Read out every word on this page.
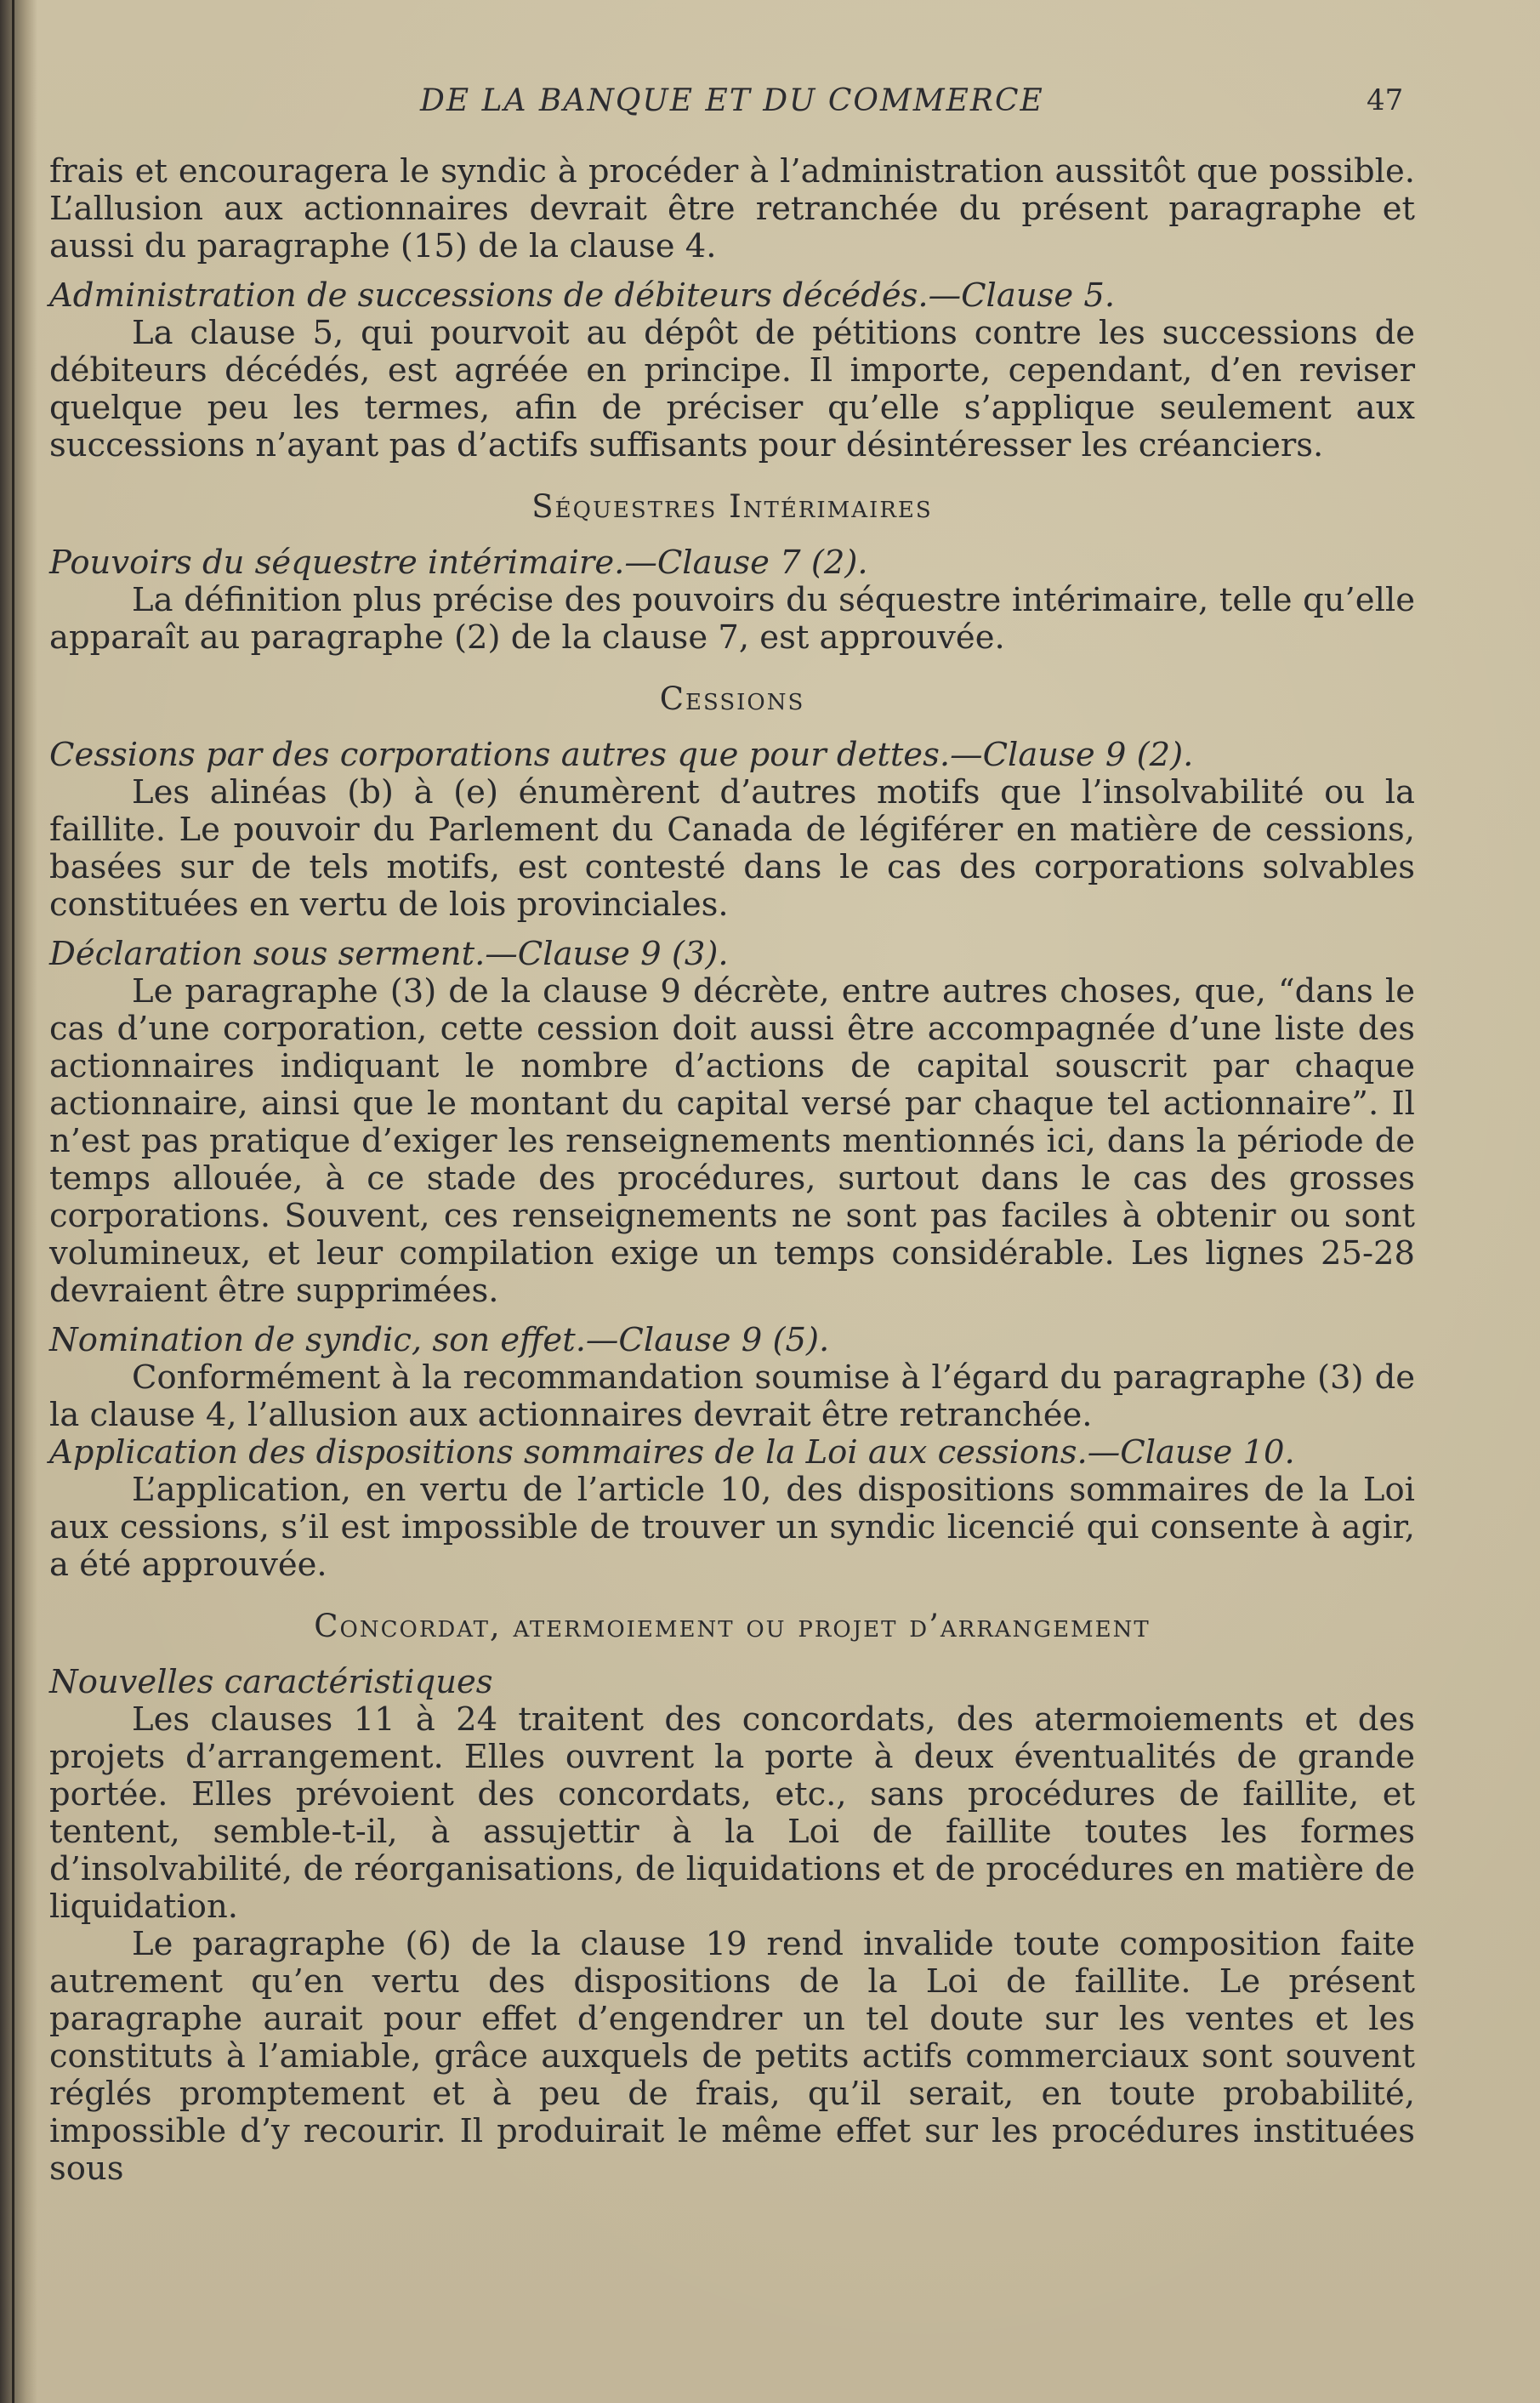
DE LA BANQUE ET DU COMMERCE	47

frais et encouragera le syndic à procéder à l’administration aussitôt que possible. L’allusion aux actionnaires devrait être retranchée du présent paragraphe et aussi du paragraphe (15) de la clause 4.

Administration de successions de débiteurs décédés.—Clause 5.

La clause 5, qui pourvoit au dépôt de pétitions contre les successions de débiteurs décédés, est agréée en principe. Il importe, cependant, d’en reviser quelque peu les termes, afin de préciser qu’elle s’applique seulement aux successions n’ayant pas d’actifs suffisants pour désintéresser les créanciers.

Séquestres Intérimaires

Pouvoirs du séquestre intérimaire.—Clause 7 (2).

La définition plus précise des pouvoirs du séquestre intérimaire, telle qu’elle apparaît au paragraphe (2) de la clause 7, est approuvée.

Cessions

Cessions par des corporations autres que pour dettes.—Clause 9 (2).

Les alinéas (b) à (e) énumèrent d’autres motifs que l’insolvabilité ou la faillite. Le pouvoir du Parlement du Canada de légiférer en matière de cessions, basées sur de tels motifs, est contesté dans le cas des corporations solvables constituées en vertu de lois provinciales.

Déclaration sous serment.—Clause 9 (3).

Le paragraphe (3) de la clause 9 décrète, entre autres choses, que, “dans le cas d’une corporation, cette cession doit aussi être accompagnée d’une liste des actionnaires indiquant le nombre d’actions de capital souscrit par chaque actionnaire, ainsi que le montant du capital versé par chaque tel actionnaire”. Il n’est pas pratique d’exiger les renseignements mentionnés ici, dans la période de temps allouée, à ce stade des procédures, surtout dans le cas des grosses corporations. Souvent, ces renseignements ne sont pas faciles à obtenir ou sont volumineux, et leur compilation exige un temps considérable. Les lignes 25-28 devraient être supprimées.

Nomination de syndic, son effet.—Clause 9 (5).

Conformément à la recommandation soumise à l’égard du paragraphe (3) de la clause 4, l’allusion aux actionnaires devrait être retranchée.

Application des dispositions sommaires de la Loi aux cessions.—Clause 10.

L’application, en vertu de l’article 10, des dispositions sommaires de la Loi aux cessions, s’il est impossible de trouver un syndic licencié qui consente à agir, a été approuvée.

Concordat, atermoiement ou projet d’arrangement

Nouvelles caractéristiques

Les clauses 11 à 24 traitent des concordats, des atermoiements et des projets d’arrangement. Elles ouvrent la porte à deux éventualités de grande portée. Elles prévoient des concordats, etc., sans procédures de faillite, et tentent, semble-t-il, à assujettir à la Loi de faillite toutes les formes d’insolvabilité, de réorganisations, de liquidations et de procédures en matière de liquidation.

Le paragraphe (6) de la clause 19 rend invalide toute composition faite autrement qu’en vertu des dispositions de la Loi de faillite. Le présent paragraphe aurait pour effet d’engendrer un tel doute sur les ventes et les constituts à l’amiable, grâce auxquels de petits actifs commerciaux sont souvent réglés promptement et à peu de frais, qu’il serait, en toute probabilité, impossible d’y recourir. Il produirait le même effet sur les procédures instituées sous
